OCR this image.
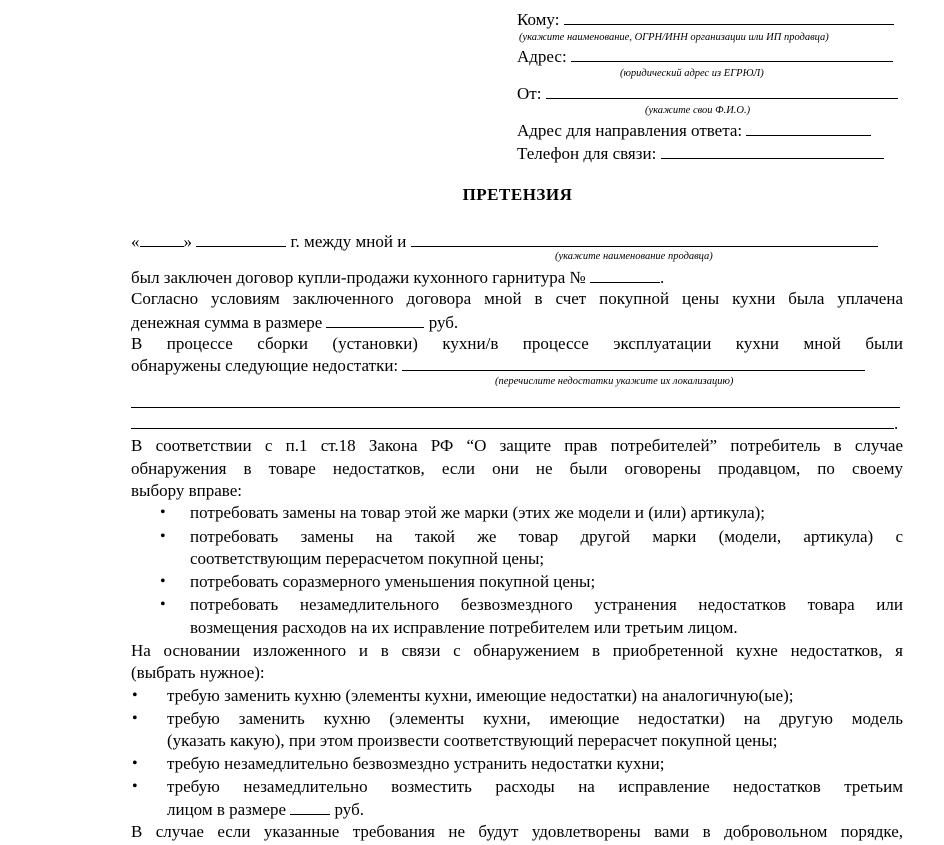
Кому:
(укажите наименование, ОГРН/ИНН организации или ИП продавца)
Адрес:
(юридический адрес из ЕГРЮЛ)
От:
(укажите свои Ф.И.О.)
Адрес для направления ответа:
Телефон для связи:
ПРЕТЕНЗИЯ
«	»	г. между мной и
(укажите наименование продавца)
был заключен договор купли-продажи кухонного гарнитура №	.
Согласно условиям заключенного договора мной в счет покупной цены кухни была уплачена
денежная сумма в размере	руб.
В процессе сборки (установки) кухни/в процессе эксплуатации кухни мной были
обнаружены следующие недостатки:
(перечислите недостатки укажите их локализацию)
.
В соответствии с п.1 ст.18 Закона РФ “О защите прав потребителей” потребитель в случае
обнаружения в товаре недостатков, если они не были оговорены продавцом, по своему
выбору вправе:
• потребовать замены на товар этой же марки (этих же модели и (или) артикула);
• потребовать замены на такой же товар другой марки (модели, артикула) с
соответствующим перерасчетом покупной цены;
• потребовать соразмерного уменьшения покупной цены;
• потребовать незамедлительного безвозмездного устранения недостатков товара или
возмещения расходов на их исправление потребителем или третьим лицом.
На основании изложенного и в связи с обнаружением в приобретенной кухне недостатков, я
(выбрать нужное):
• требую заменить кухню (элементы кухни, имеющие недостатки) на аналогичную(ые);
• требую заменить кухню (элементы кухни, имеющие недостатки) на другую модель
(указать какую), при этом произвести соответствующий перерасчет покупной цены;
• требую незамедлительно безвозмездно устранить недостатки кухни;
• требую незамедлительно возместить расходы на исправление недостатков третьим
лицом в размере	руб.
В случае если указанные требования не будут удовлетворены вами в добровольном порядке,
